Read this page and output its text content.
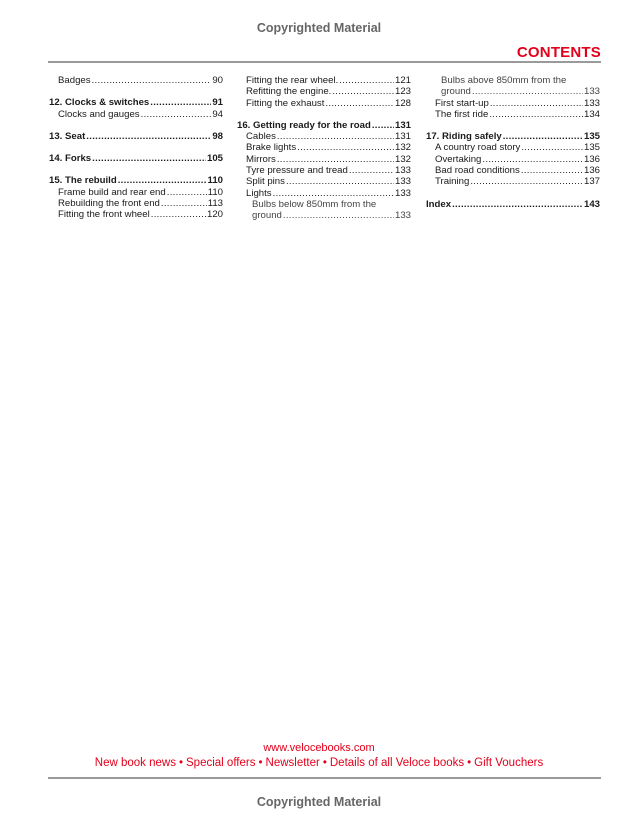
Copyrighted Material
CONTENTS
Badges .....	90
12. Clocks & switches .....	91
Clocks and gauges .....	94
13. Seat .....	98
14. Forks .....	105
15. The rebuild .....	110
Frame build and rear end .....	110
Rebuilding the front end .....	113
Fitting the front wheel .....	120
Fitting the rear wheel. .....	121
Refitting the engine. .....	123
Fitting the exhaust .....	128
16. Getting ready for the road .....	131
Cables .....	131
Brake lights .....	132
Mirrors .....	132
Tyre pressure and tread .....	133
Split pins .....	133
Lights .....	133
Bulbs below 850mm from the
ground .....	133
Bulbs above 850mm from the
ground .....	133
First start-up .....	133
The first ride .....	134
17. Riding safely .....	135
A country road story .....	135
Overtaking .....	136
Bad road conditions .....	136
Training .....	137
Index .....	143
www.velocebooks.com
New book news • Special offers • Newsletter • Details of all Veloce books • Gift Vouchers
Copyrighted Material
